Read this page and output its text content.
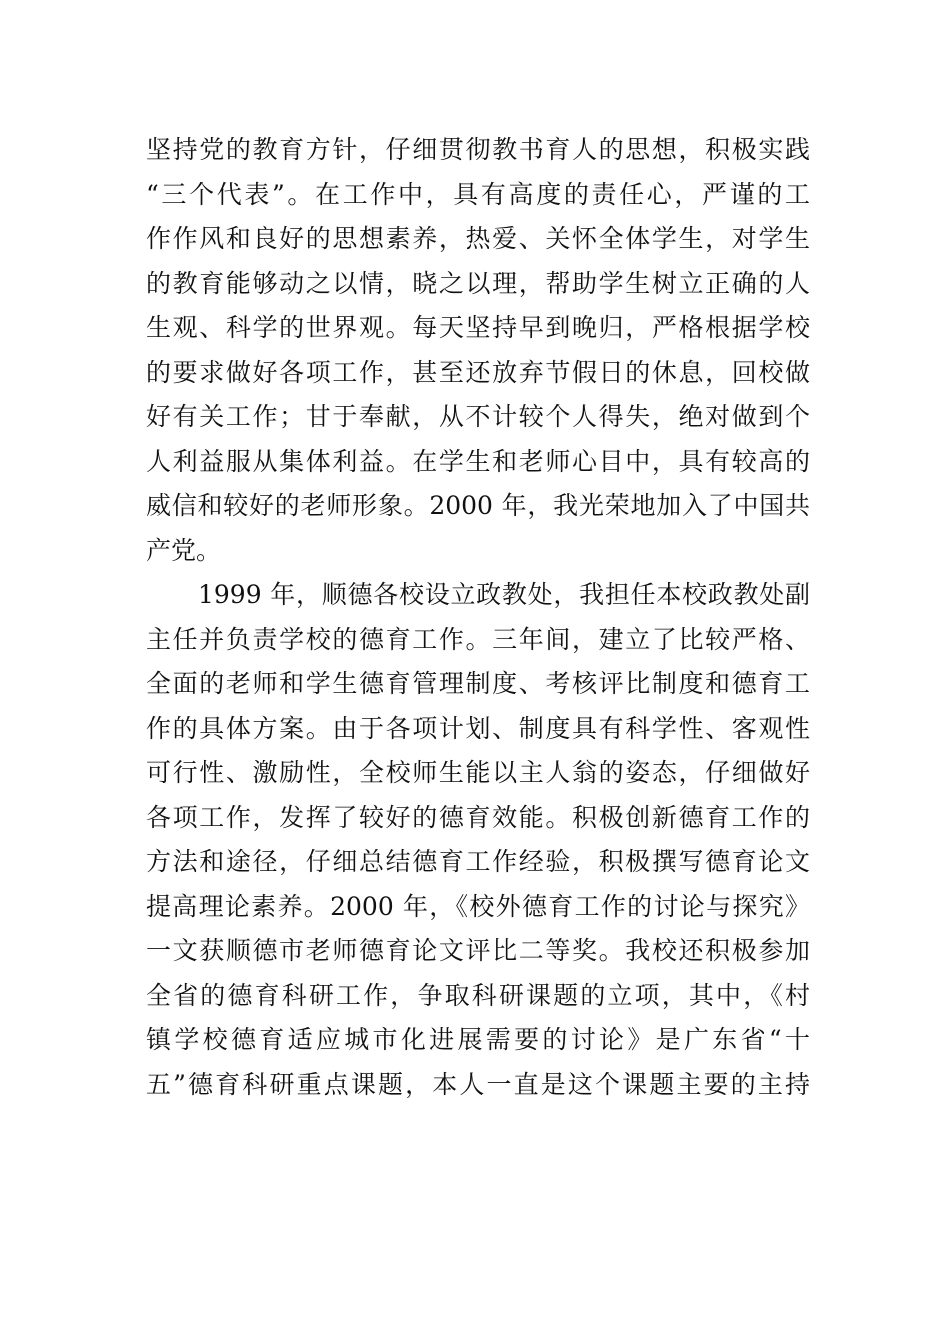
坚持党的教育方针，仔细贯彻教书育人的思想，积极实践
“三个代表”。在工作中，具有高度的责任心，严谨的工
作作风和良好的思想素养，热爱、关怀全体学生，对学生
的教育能够动之以情，晓之以理，帮助学生树立正确的人
生观、科学的世界观。每天坚持早到晚归，严格根据学校
的要求做好各项工作，甚至还放弃节假日的休息，回校做
好有关工作；甘于奉献，从不计较个人得失，绝对做到个
人利益服从集体利益。在学生和老师心目中，具有较高的
威信和较好的老师形象。2000 年，我光荣地加入了中国共
产党。
1999 年，顺德各校设立政教处，我担任本校政教处副
主任并负责学校的德育工作。三年间，建立了比较严格、
全面的老师和学生德育管理制度、考核评比制度和德育工
作的具体方案。由于各项计划、制度具有科学性、客观性
可行性、激励性，全校师生能以主人翁的姿态，仔细做好
各项工作，发挥了较好的德育效能。积极创新德育工作的
方法和途径，仔细总结德育工作经验，积极撰写德育论文
提高理论素养。2000 年，《校外德育工作的讨论与探究》
一文获顺德市老师德育论文评比二等奖。我校还积极参加
全省的德育科研工作，争取科研课题的立项，其中，《村
镇学校德育适应城市化进展需要的讨论》是广东省“十
五”德育科研重点课题，本人一直是这个课题主要的主持
